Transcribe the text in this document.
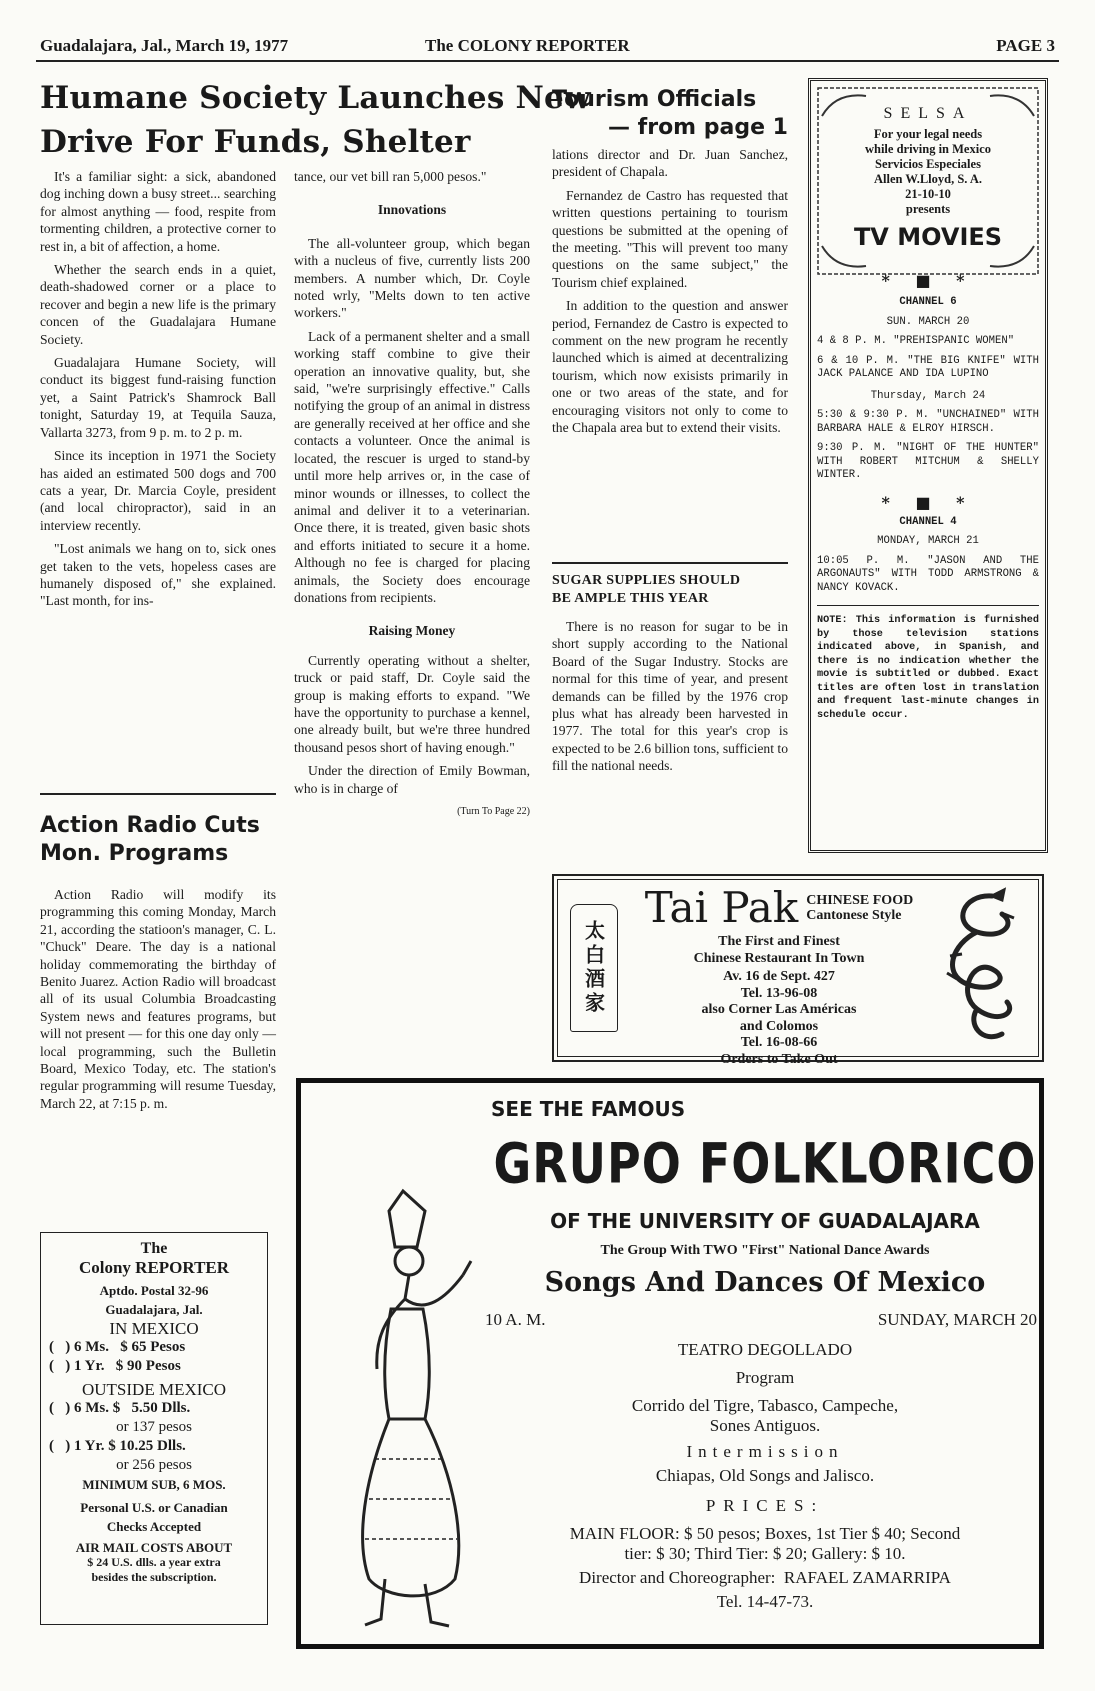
Guadalajara, Jal., March 19, 1977	The COLONY REPORTER	PAGE 3
Humane Society Launches New
Drive For Funds, Shelter

It's a familiar sight: a sick, abandoned dog inching down a busy street... searching for almost anything — food, respite from tormenting children, a protective corner to rest in, a bit of affection, a home.

Whether the search ends in a quiet, death-shadowed corner or a place to recover and begin a new life is the primary concen of the Guadalajara Humane Society.

Guadalajara Humane Society, will conduct its biggest fund-raising function yet, a Saint Patrick's Shamrock Ball tonight, Saturday 19, at Tequila Sauza, Vallarta 3273, from 9 p. m. to 2 p. m.

Since its inception in 1971 the Society has aided an estimated 500 dogs and 700 cats a year, Dr. Marcia Coyle, president (and local chiropractor), said in an interview recently.

"Lost animals we hang on to, sick ones get taken to the vets, hopeless cases are humanely disposed of," she explained. "Last month, for ins-

tance, our vet bill ran 5,000 pesos."

Innovations

The all-volunteer group, which began with a nucleus of five, currently lists 200 members. A number which, Dr. Coyle noted wrly, "Melts down to ten active workers."

Lack of a permanent shelter and a small working staff combine to give their operation an innovative quality, but, she said, "we're surprisingly effective." Calls notifying the group of an animal in distress are generally received at her office and she contacts a volunteer. Once the animal is located, the rescuer is urged to stand-by until more help arrives or, in the case of minor wounds or illnesses, to collect the animal and deliver it to a veterinarian. Once there, it is treated, given basic shots and efforts initiated to secure it a home. Although no fee is charged for placing animals, the Society does encourage donations from recipients.

Raising Money

Currently operating without a shelter, truck or paid staff, Dr. Coyle said the group is making efforts to expand. "We have the opportunity to purchase a kennel, one already built, but we're three hundred thousand pesos short of having enough."

Under the direction of Emily Bowman, who is in charge of

(Turn To Page 22)
Action Radio Cuts
Mon. Programs

Action Radio will modify its programming this coming Monday, March 21, according the statioon's manager, C. L. "Chuck" Deare. The day is a national holiday commemorating the birthday of Benito Juarez. Action Radio will broadcast all of its usual Columbia Broadcasting System news and features programs, but will not present — for this one day only — local programming, such the Bulletin Board, Mexico Today, etc. The station's regular programming will resume Tuesday, March 22, at 7:15 p. m.

The
Colony REPORTER
Aptdo. Postal 32-96
Guadalajara, Jal.
IN MEXICO
(   ) 6 Ms.   $ 65 Pesos
(   ) 1 Yr.   $ 90 Pesos
OUTSIDE MEXICO
(   ) 6 Ms. $   5.50 Dlls.
or 137 pesos
(   ) 1 Yr. $ 10.25 Dlls.
or 256 pesos
MINIMUM SUB, 6 MOS.
Personal U.S. or Canadian
Checks Accepted
AIR MAIL COSTS ABOUT
$ 24 U.S. dlls. a year extra
besides the subscription.
Tourism Officials
— from page 1

lations director and Dr. Juan Sanchez, president of Chapala.

Fernandez de Castro has requested that written questions pertaining to tourism questions be submitted at the opening of the meeting. "This will prevent too many questions on the same subject," the Tourism chief explained.

In addition to the question and answer period, Fernandez de Castro is expected to comment on the new program he recently launched which is aimed at decentralizing tourism, which now exisists primarily in one or two areas of the state, and for encouraging visitors not only to come to the Chapala area but to extend their visits.

SUGAR SUPPLIES SHOULD
BE AMPLE THIS YEAR

There is no reason for sugar to be in short supply according to the National Board of the Sugar Industry. Stocks are normal for this time of year, and present demands can be filled by the 1976 crop plus what has already been harvested in 1977. The total for this year's crop is expected to be 2.6 billion tons, sufficient to fill the national needs.

SELSA
For your legal needs
while driving in Mexico
Servicios Especiales
Allen W.Lloyd, S. A.
21-10-10
presents
TV MOVIES
* ■ *
CHANNEL 6
SUN. MARCH 20
4 & 8 P. M. "PREHISPANIC WOMEN"
6 & 10 P. M. "THE BIG KNIFE" WITH JACK PALANCE AND IDA LUPINO
Thursday, March 24
5:30 & 9:30 P. M. "UNCHAINED" WITH BARBARA HALE & ELROY HIRSCH.
9:30 P. M. "NIGHT OF THE HUNTER" WITH ROBERT MITCHUM & SHELLY WINTER.
* ■ *
CHANNEL 4
MONDAY, MARCH 21
10:05 P. M. "JASON AND THE ARGONAUTS" WITH TODD ARMSTRONG & NANCY KOVACK.
NOTE: This information is furnished by those television stations indicated above, in Spanish, and there is no indication whether the movie is subtitled or dubbed. Exact titles are often lost in translation and frequent last-minute changes in schedule occur.
太白酒家
Tai Pak CHINESE FOOD
Cantonese Style
The First and Finest
Chinese Restaurant In Town
Av. 16 de Sept. 427
Tel. 13-96-08
also Corner Las Américas
and Colomos
Tel. 16-08-66
Orders to Take Out
SEE THE FAMOUS
GRUPO FOLKLORICO
OF THE UNIVERSITY OF GUADALAJARA
The Group With TWO "First" National Dance Awards
Songs And Dances Of Mexico
10 A. M.	SUNDAY, MARCH 20
TEATRO DEGOLLADO
Program
Corrido del Tigre, Tabasco, Campeche,
Sones Antiguos.
Intermission
Chiapas, Old Songs and Jalisco.
PRICES:
MAIN FLOOR: $ 50 pesos; Boxes, 1st Tier $ 40; Second
tier: $ 30; Third Tier: $ 20; Gallery: $ 10.
Director and Choreographer:  RAFAEL ZAMARRIPA
Tel. 14-47-73.
